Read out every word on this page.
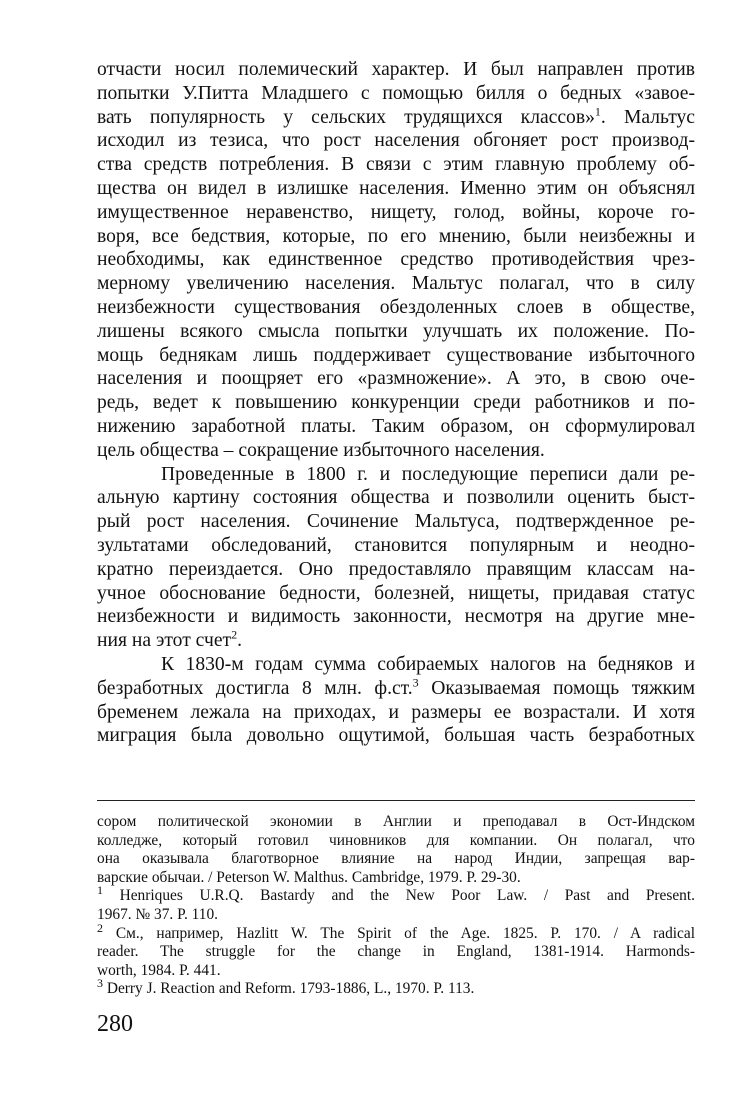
отчасти носил полемический характер. И был направлен против
попытки У.Питта Младшего с помощью билля о бедных «завое-
вать популярность у сельских трудящихся классов»$^1$. Мальтус
исходил из тезиса, что рост населения обгоняет рост производ-
ства средств потребления. В связи с этим главную проблему об-
щества он видел в излишке населения. Именно этим он объяснял
имущественное неравенство, нищету, голод, войны, короче го-
воря, все бедствия, которые, по его мнению, были неизбежны и
необходимы, как единственное средство противодействия чрез-
мерному увеличению населения. Мальтус полагал, что в силу
неизбежности существования обездоленных слоев в обществе,
лишены всякого смысла попытки улучшать их положение. По-
мощь беднякам лишь поддерживает существование избыточного
населения и поощряет его «размножение». А это, в свою оче-
редь, ведет к повышению конкуренции среди работников и по-
нижению заработной платы. Таким образом, он сформулировал
цель общества – сокращение избыточного населения.

Проведенные в 1800 г. и последующие переписи дали ре-
альную картину состояния общества и позволили оценить быст-
рый рост населения. Сочинение Мальтуса, подтвержденное ре-
зультатами обследований, становится популярным и неодно-
кратно переиздается. Оно предоставляло правящим классам на-
учное обоснование бедности, болезней, нищеты, придавая статус
неизбежности и видимость законности, несмотря на другие мне-
ния на этот счет$^2$.

К 1830-м годам сумма собираемых налогов на бедняков и
безработных достигла 8 млн. ф.ст.$^3$ Оказываемая помощь тяжким
бременем лежала на приходах, и размеры ее возрастали. И хотя
миграция была довольно ощутимой, большая часть безработных

сором политической экономии в Англии и преподавал в Ост-Индском
колледже, который готовил чиновников для компании. Он полагал, что
она оказывала благотворное влияние на народ Индии, запрещая вар-
варские обычаи. / Peterson W. Malthus. Cambridge, 1979. P. 29-30.
$^1$ Henriques U.R.Q. Bastardy and the New Poor Law. / Past and Present.
1967. № 37. P. 110.
$^2$ См., например, Hazlitt W. The Spirit of the Age. 1825. P. 170. / A radical
reader. The struggle for the change in England, 1381-1914. Harmonds-
worth, 1984. P. 441.
$^3$ Derry J. Reaction and Reform. 1793-1886, L., 1970. P. 113.
280
